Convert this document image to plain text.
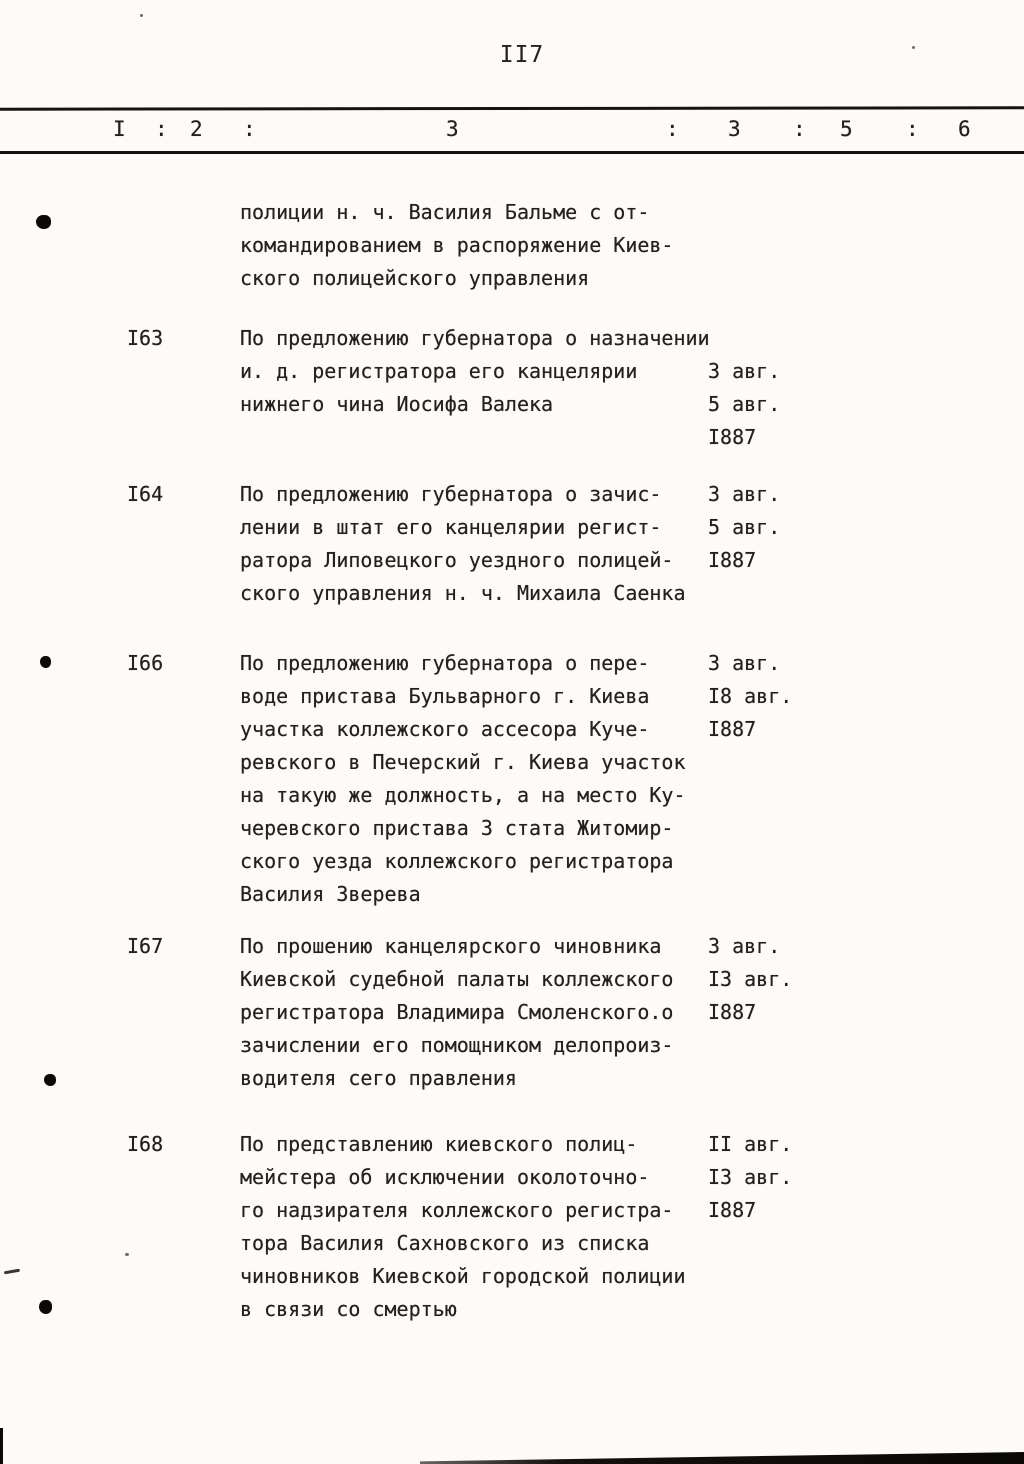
II7
I : 2 :	3	: 3 : 5	: 6
полиции н. ч. Василия Бальме с от-
командированием в распоряжение Киев-
ского полицейского управления
I63	По предложению губернатора о назначении
и. д. регистратора его канцелярии
нижнего чина Иосифа Валека
3 авг.
5 авг.
I887
I64	По предложению губернатора о зачис-
лении в штат его канцелярии регист-
ратора Липовецкого уездного полицей-
ского управления н. ч. Михаила Саенка
3 авг.
5 авг.
I887
I66	По предложению губернатора о пере-
воде пристава Бульварного г. Киева
участка коллежского ассесора Куче-
ревского в Печерский г. Киева участок
на такую же должность, а на место Ку-
черевского пристава 3 стата Житомир-
ского уезда коллежского регистратора
Василия Зверева
3 авг.
I8 авг.
I887
I67	По прошению канцелярского чиновника
Киевской судебной палаты коллежского
регистратора Владимира Смоленского.о
зачислении его помощником делопроиз-
водителя сего правления
3 авг.
I3 авг.
I887
I68	По представлению киевского полиц-
мейстера об исключении околоточно-
го надзирателя коллежского регистра-
тора Василия Сахновского из списка
чиновников Киевской городской полиции
в связи со смертью
II авг.
I3 авг.
I887
